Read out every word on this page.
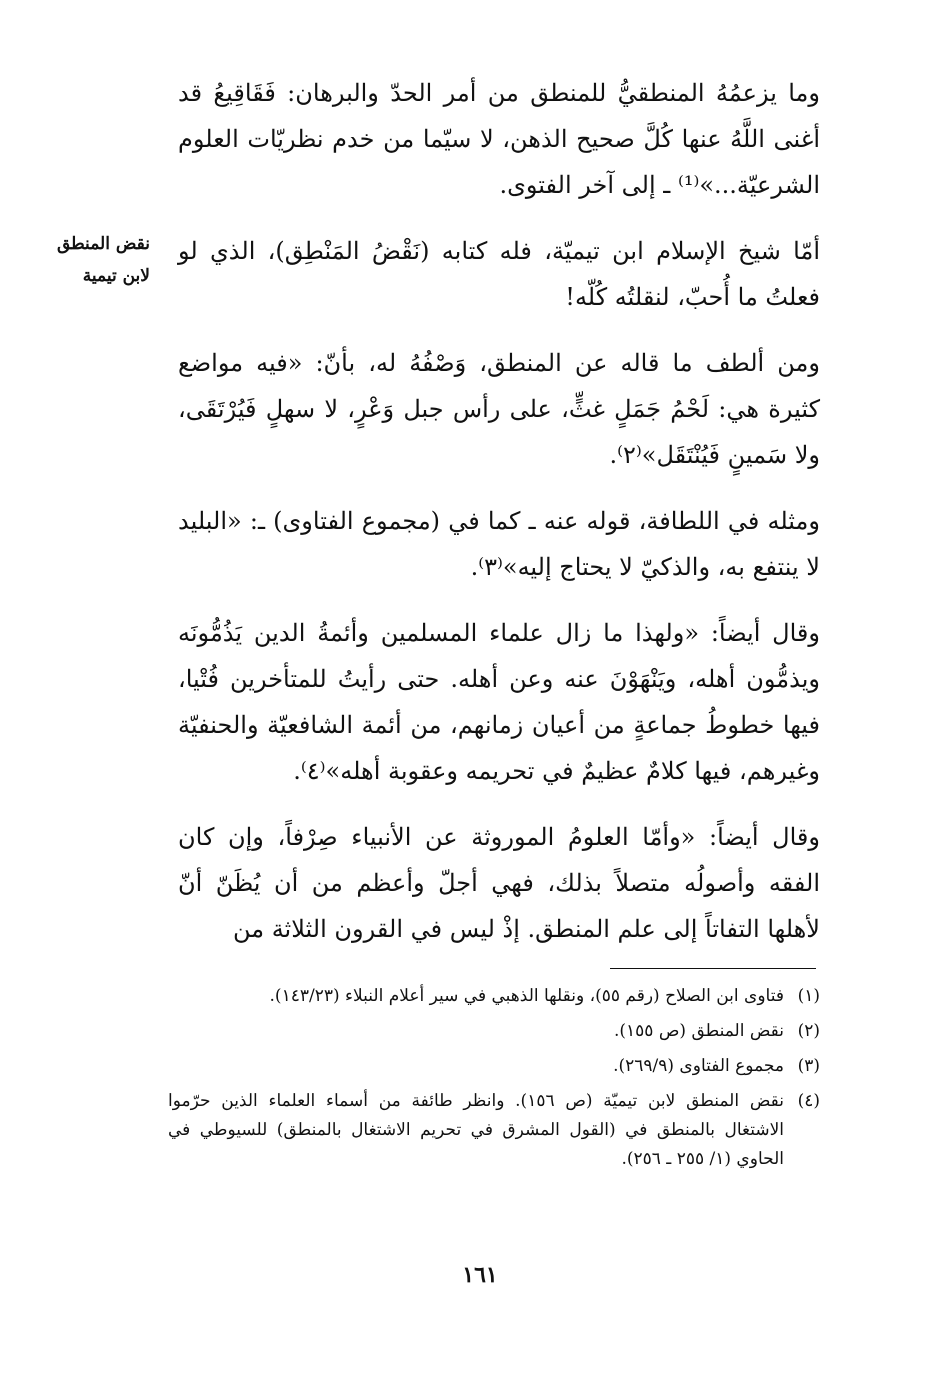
نقض المنطق
لابن تيمية

وما يزعمُهُ المنطقيُّ للمنطق من أمر الحدّ والبرهان: فَقَاقِيعُ قد أغنى اللَّهُ عنها كُلَّ صحيح الذهن، لا سيّما من خدم نظريّات العلوم الشرعيّة...»⁽¹⁾ ـ إلى آخر الفتوى.

أمّا شيخ الإسلام ابن تيميّة، فله كتابه (نَقْضُ المَنْطِق)، الذي لو فعلتُ ما أُحبّ، لنقلتُه كُلّه!

ومن ألطف ما قاله عن المنطق، وَصْفُهُ له، بأنّ: «فيه مواضع كثيرة هي: لَحْمُ جَمَلٍ غثٍّ، على رأس جبل وَعْرٍ، لا سهلٍ فَيُرْتَقَى، ولا سَمينٍ فَيُنْتَقَل»⁽٢⁾.

ومثله في اللطافة، قوله عنه ـ كما في (مجموع الفتاوى) ـ: «البليد لا ينتفع به، والذكيّ لا يحتاج إليه»⁽٣⁾.

وقال أيضاً: «ولهذا ما زال علماء المسلمين وأئمةُ الدين يَذُمُّونَه ويذمُّون أهله، ويَنْهَوْنَ عنه وعن أهله. حتى رأيتُ للمتأخرين فُتْيا، فيها خطوطُ جماعةٍ من أعيان زمانهم، من أئمة الشافعيّة والحنفيّة وغيرهم، فيها كلامٌ عظيمٌ في تحريمه وعقوبة أهله»⁽٤⁾.

وقال أيضاً: «وأمّا العلومُ الموروثة عن الأنبياء صِرْفاً، وإن كان الفقه وأصولُه متصلاً بذلك، فهي أجلّ وأعظم من أن يُظَنّ أنّ لأهلها التفاتاً إلى علم المنطق. إذْ ليس في القرون الثلاثة من

(١)
فتاوى ابن الصلاح (رقم ٥٥)، ونقلها الذهبي في سير أعلام النبلاء (١٤٣/٢٣).
(٢)
نقض المنطق (ص ١٥٥).
(٣)
مجموع الفتاوى (٢٦٩/٩).
(٤)
نقض المنطق لابن تيميّة (ص ١٥٦). وانظر طائفة من أسماء العلماء الذين حرّموا الاشتغال بالمنطق في (القول المشرق في تحريم الاشتغال بالمنطق) للسيوطي في الحاوي (١/ ٢٥٥ ـ ٢٥٦).
١٦١
